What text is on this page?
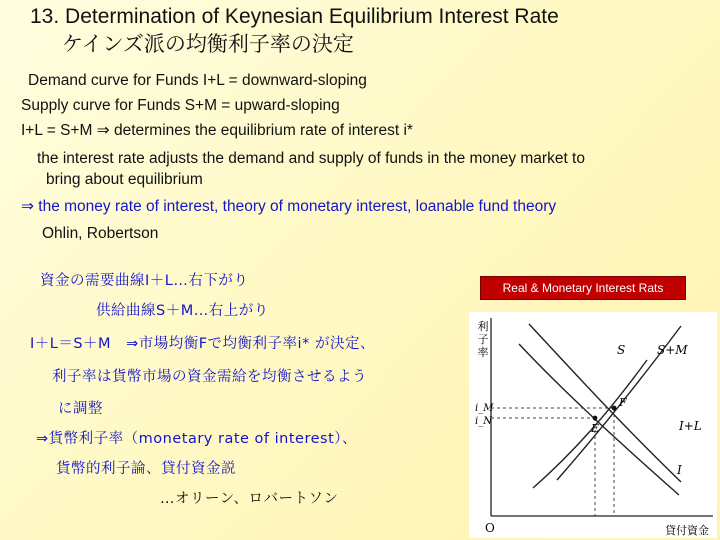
13. Determination of Keynesian Equilibrium Interest Rate
ケインズ派の均衡利子率の決定
Demand curve for Funds I+L = downward-sloping
Supply curve for Funds S+M = upward-sloping
I+L = S+M ⇒ determines the equilibrium rate of interest i*
the interest rate adjusts the demand and supply of funds in the money market to
bring about equilibrium
⇒ the money rate of interest, theory of monetary interest, loanable fund theory
Ohlin, Robertson
Real & Monetary Interest Rats
資金の需要曲線I＋L…右下がり
供給曲線S＋M…右上がり
I＋L＝S＋M　⇒市場均衡Fで均衡利子率i* が決定、
利子率は貨幣市場の資金需給を均衡させるよう
に調整
⇒貨幣利子率（monetary rate of interest）、
貨幣的利子論、貸付資金説
…オリーン、ロバートソン
利
子
率
O	貸付資金
i_M
i_N
F
E
S+M
S
I+L
I
